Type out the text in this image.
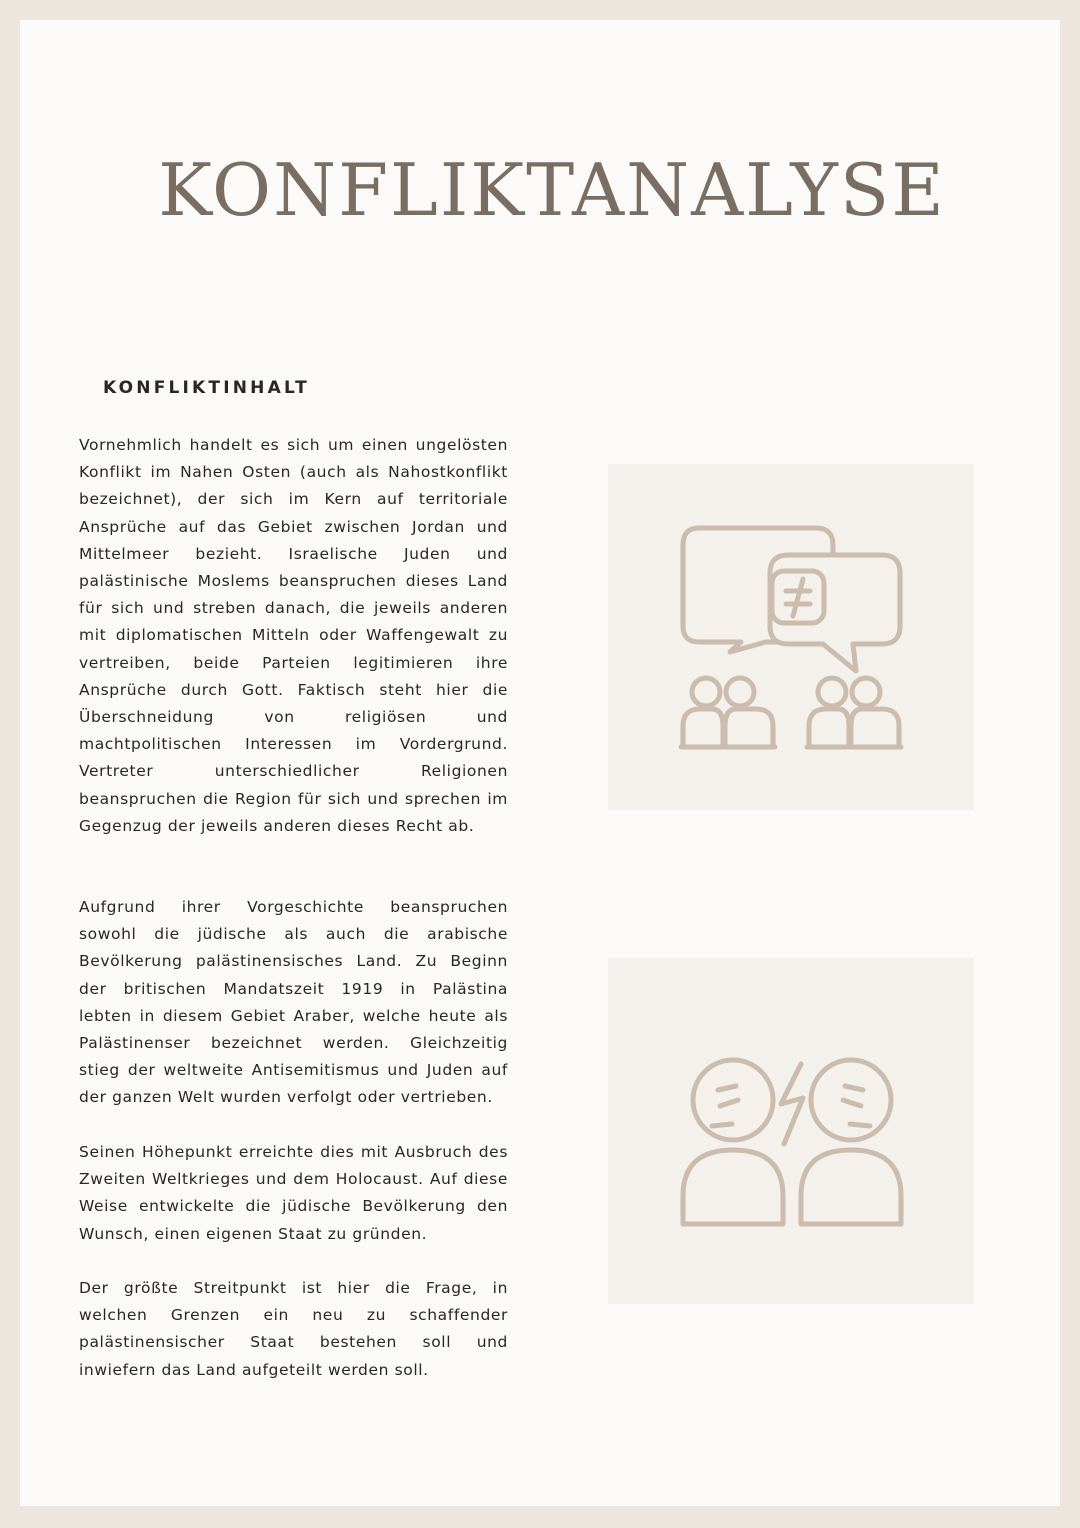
KONFLIKTANALYSE
KONFLIKTINHALT

Vornehmlich handelt es sich um einen ungelösten Konflikt im Nahen Osten (auch als Nahostkonflikt bezeichnet), der sich im Kern auf territoriale Ansprüche auf das Gebiet zwischen Jordan und Mittelmeer bezieht. Israelische Juden und palästinische Moslems beanspruchen dieses Land für sich und streben danach, die jeweils anderen mit diplomatischen Mitteln oder Waffengewalt zu vertreiben, beide Parteien legitimieren ihre Ansprüche durch Gott. Faktisch steht hier die Überschneidung von religiösen und machtpolitischen Interessen im Vordergrund. Vertreter unterschiedlicher Religionen beanspruchen die Region für sich und sprechen im Gegenzug der jeweils anderen dieses Recht ab.

Aufgrund ihrer Vorgeschichte beanspruchen sowohl die jüdische als auch die arabische Bevölkerung palästinensisches Land. Zu Beginn der britischen Mandatszeit 1919 in Palästina lebten in diesem Gebiet Araber, welche heute als Palästinenser bezeichnet werden. Gleichzeitig stieg der weltweite Antisemitismus und Juden auf der ganzen Welt wurden verfolgt oder vertrieben.

Seinen Höhepunkt erreichte dies mit Ausbruch des Zweiten Weltkrieges und dem Holocaust. Auf diese Weise entwickelte die jüdische Bevölkerung den Wunsch, einen eigenen Staat zu gründen.

Der größte Streitpunkt ist hier die Frage, in welchen Grenzen ein neu zu schaffender palästinensischer Staat bestehen soll und inwiefern das Land aufgeteilt werden soll.
